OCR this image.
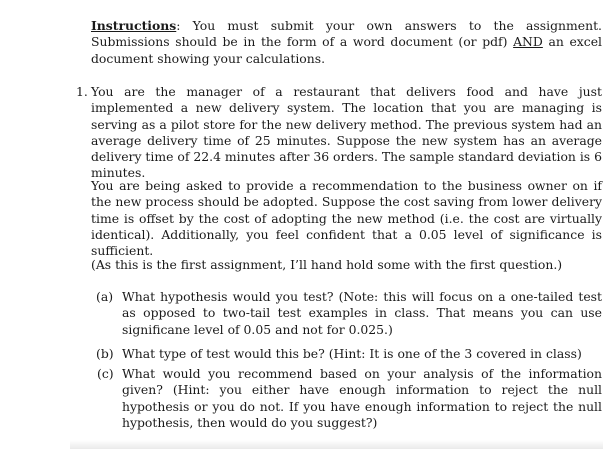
Instructions: You must submit your own answers to the assignment. Submissions should be in the form of a word document (or pdf) AND an excel document showing your calculations.

1. You are the manager of a restaurant that delivers food and have just implemented a new delivery system. The location that you are managing is serving as a pilot store for the new delivery method. The previous system had an average delivery time of 25 minutes. Suppose the new system has an average delivery time of 22.4 minutes after 36 orders. The sample standard deviation is 6 minutes.

You are being asked to provide a recommendation to the business owner on if the new process should be adopted. Suppose the cost saving from lower delivery time is offset by the cost of adopting the new method (i.e. the cost are virtually identical). Additionally, you feel confident that a 0.05 level of significance is sufficient.

(As this is the first assignment, I’ll hand hold some with the first question.)

(a) What hypothesis would you test? (Note: this will focus on a one-tailed test as opposed to two-tail test examples in class. That means you can use significane level of 0.05 and not for 0.025.)

(b) What type of test would this be? (Hint: It is one of the 3 covered in class)

(c) What would you recommend based on your analysis of the information given? (Hint: you either have enough information to reject the null hypothesis or you do not. If you have enough information to reject the null hypothesis, then would do you suggest?)
